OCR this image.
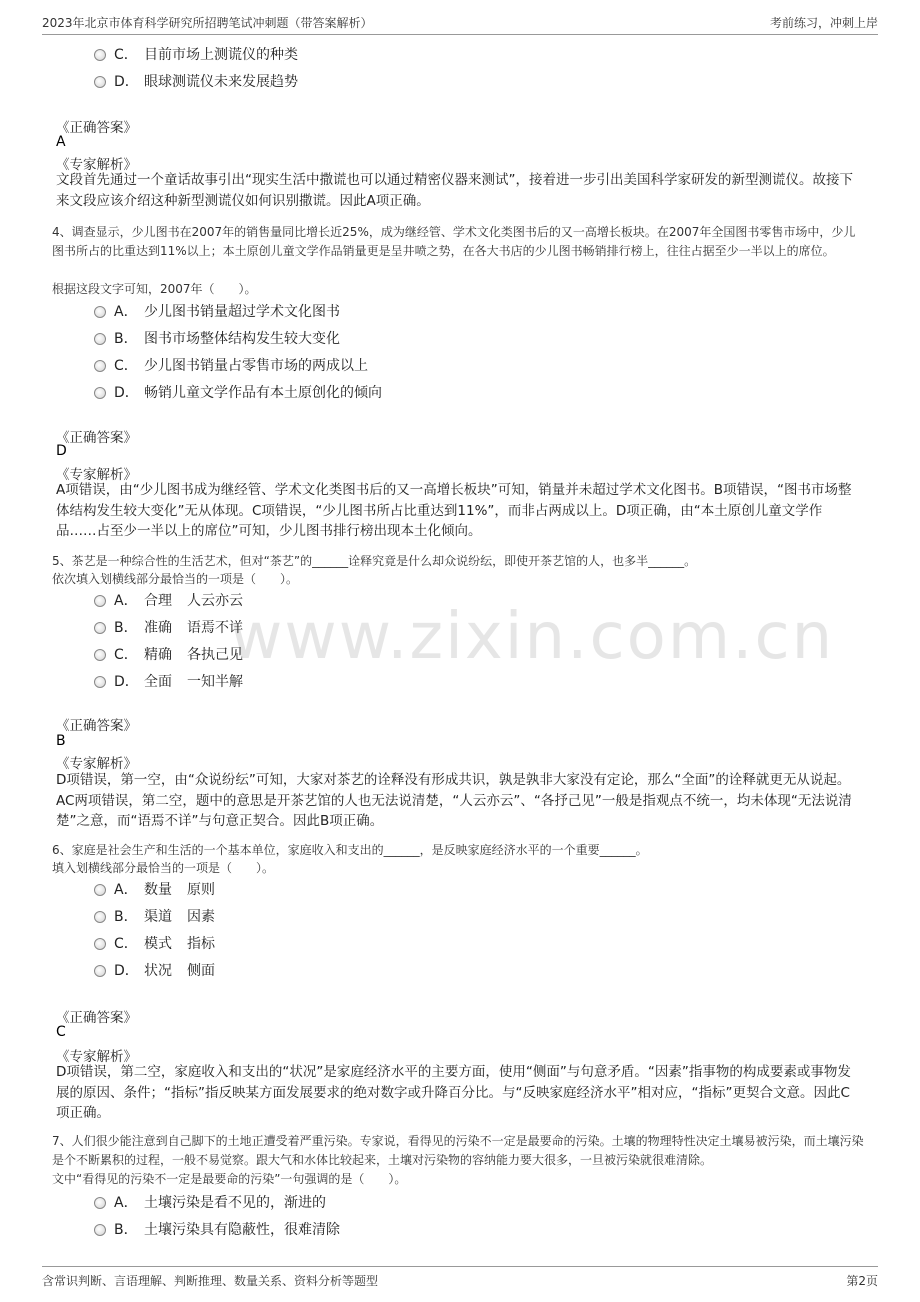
2023年北京市体育科学研究所招聘笔试冲刺题（带答案解析）	考前练习，冲刺上岸
www.zixin.com.cn
C． 目前市场上测谎仪的种类
D． 眼球测谎仪未来发展趋势
《正确答案》
A
《专家解析》
文段首先通过一个童话故事引出“现实生活中撒谎也可以通过精密仪器来测试”，接着进一步引出美国科学家研发的新型测谎仪。故接下来文段应该介绍这种新型测谎仪如何识别撒谎。因此A项正确。
4、调查显示，少儿图书在2007年的销售量同比增长近25%，成为继经管、学术文化类图书后的又一高增长板块。在2007年全国图书零售市场中，少儿图书所占的比重达到11%以上；本土原创儿童文学作品销量更是呈井喷之势，在各大书店的少儿图书畅销排行榜上，往往占据至少一半以上的席位。
根据这段文字可知，2007年（　　）。
A． 少儿图书销量超过学术文化图书
B． 图书市场整体结构发生较大变化
C． 少儿图书销量占零售市场的两成以上
D． 畅销儿童文学作品有本土原创化的倾向
《正确答案》
D
《专家解析》
A项错误，由“少儿图书成为继经管、学术文化类图书后的又一高增长板块”可知，销量并未超过学术文化图书。B项错误，“图书市场整体结构发生较大变化”无从体现。C项错误，“少儿图书所占比重达到11%”，而非占两成以上。D项正确，由“本土原创儿童文学作品……占至少一半以上的席位”可知，少儿图书排行榜出现本土化倾向。
5、茶艺是一种综合性的生活艺术，但对“茶艺”的______诠释究竟是什么却众说纷纭，即使开茶艺馆的人，也多半______。
依次填入划横线部分最恰当的一项是（　　）。
A． 合理 人云亦云
B． 准确 语焉不详
C． 精确 各执己见
D． 全面 一知半解
《正确答案》
B
《专家解析》
D项错误，第一空，由“众说纷纭”可知，大家对茶艺的诠释没有形成共识，孰是孰非大家没有定论，那么“全面”的诠释就更无从说起。AC两项错误，第二空，题中的意思是开茶艺馆的人也无法说清楚，“人云亦云”、“各抒己见”一般是指观点不统一，均未体现“无法说清楚”之意，而“语焉不详”与句意正契合。因此B项正确。
6、家庭是社会生产和生活的一个基本单位，家庭收入和支出的______，是反映家庭经济水平的一个重要______。
填入划横线部分最恰当的一项是（　　）。
A． 数量 原则
B． 渠道 因素
C． 模式 指标
D． 状况 侧面
《正确答案》
C
《专家解析》
D项错误，第二空，家庭收入和支出的“状况”是家庭经济水平的主要方面，使用“侧面”与句意矛盾。“因素”指事物的构成要素或事物发展的原因、条件；“指标”指反映某方面发展要求的绝对数字或升降百分比。与“反映家庭经济水平”相对应，“指标”更契合文意。因此C项正确。
7、人们很少能注意到自己脚下的土地正遭受着严重污染。专家说，看得见的污染不一定是最要命的污染。土壤的物理特性决定土壤易被污染，而土壤污染是个不断累积的过程，一般不易觉察。跟大气和水体比较起来，土壤对污染物的容纳能力要大很多，一旦被污染就很难清除。
文中“看得见的污染不一定是最要命的污染”一句强调的是（　　）。
A． 土壤污染是看不见的，渐进的
B． 土壤污染具有隐蔽性，很难清除
含常识判断、言语理解、判断推理、数量关系、资料分析等题型	第2页
